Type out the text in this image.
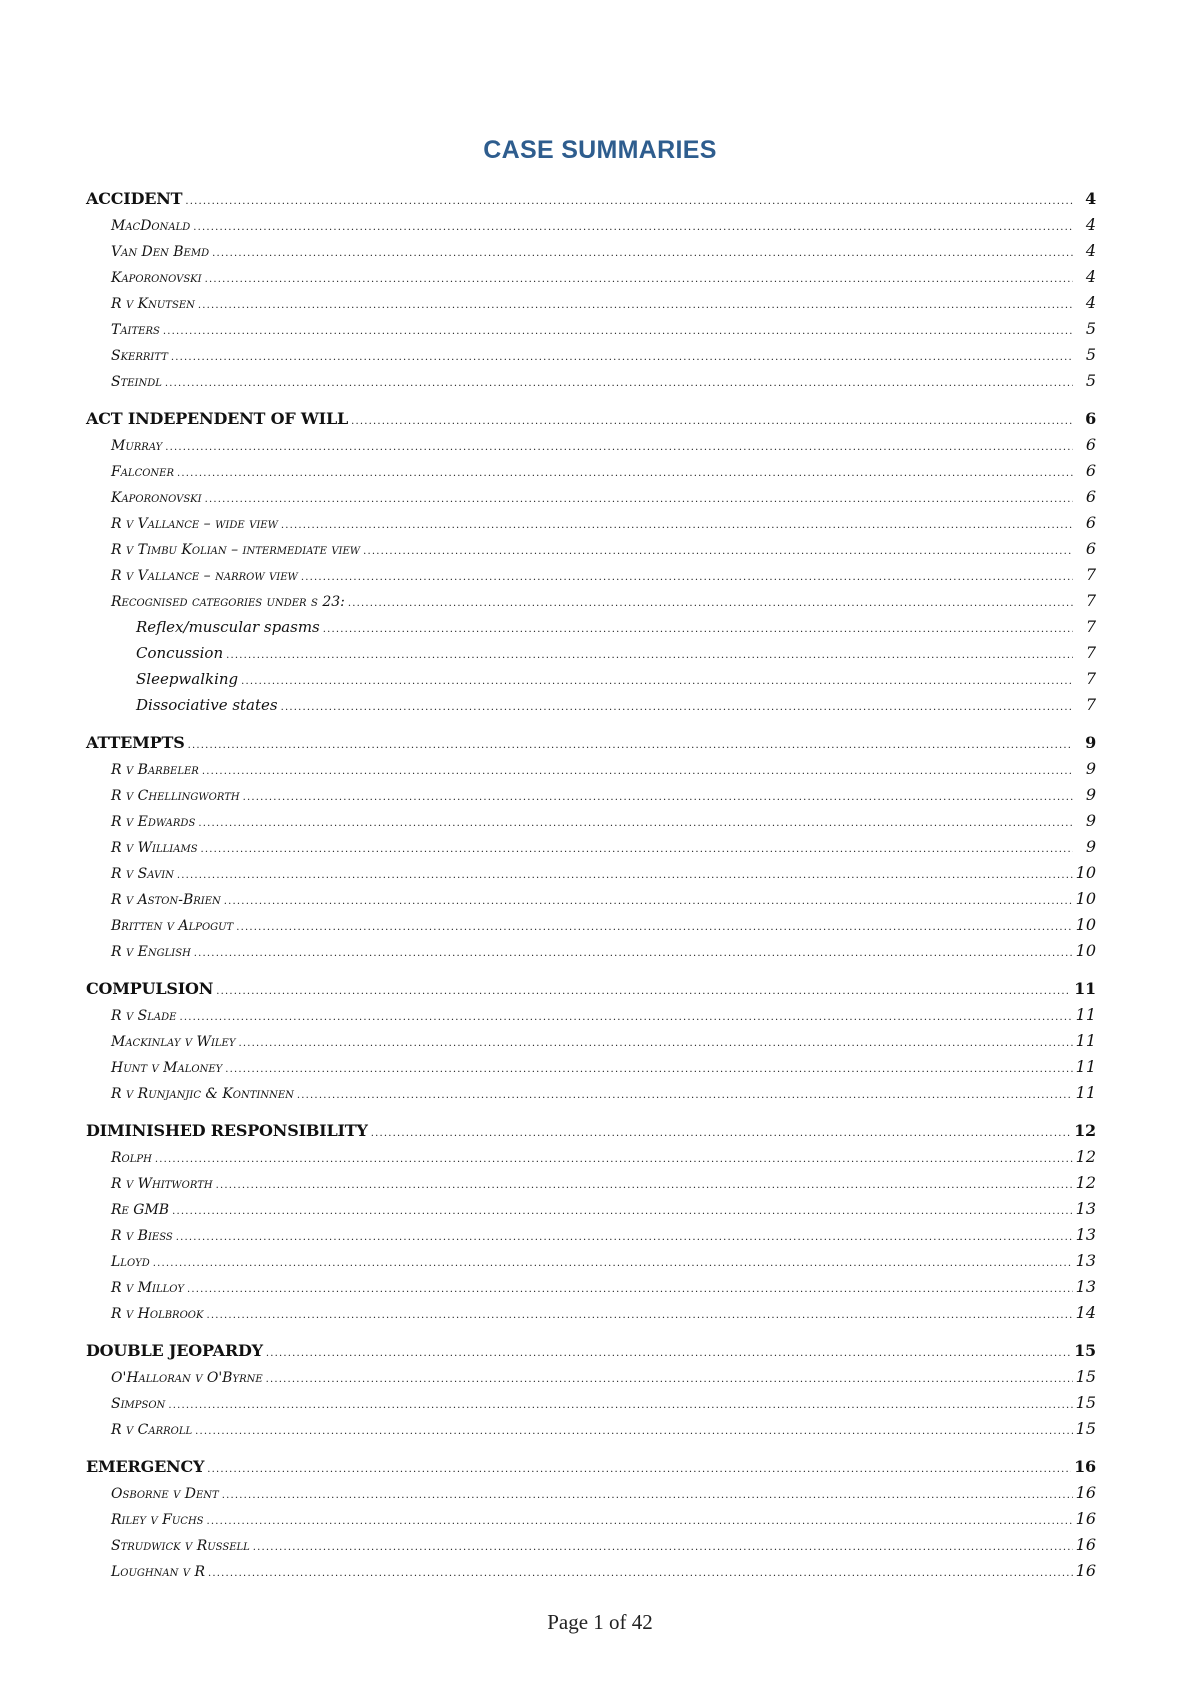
CASE SUMMARIES
ACCIDENT .....	4
MacDonald .....	4
Van Den Bemd .....	4
Kaporonovski .....	4
R v Knutsen .....	4
Taiters .....	5
Skerritt .....	5
Steindl .....	5
ACT INDEPENDENT OF WILL .....	6
Murray .....	6
Falconer .....	6
Kaporonovski .....	6
R v Vallance – wide view .....	6
R v Timbu Kolian – intermediate view .....	6
R v Vallance – narrow view .....	7
Recognised categories under s 23: .....	7
Reflex/muscular spasms .....	7
Concussion .....	7
Sleepwalking .....	7
Dissociative states .....	7
ATTEMPTS .....	9
R v Barbeler .....	9
R v Chellingworth .....	9
R v Edwards .....	9
R v Williams .....	9
R v Savin .....	10
R v Aston-Brien .....	10
Britten v Alpogut .....	10
R v English .....	10
COMPULSION .....	11
R v Slade .....	11
Mackinlay v Wiley .....	11
Hunt v Maloney .....	11
R v Runjanjic & Kontinnen .....	11
DIMINISHED RESPONSIBILITY .....	12
Rolph .....	12
R v Whitworth .....	12
Re GMB .....	13
R v Biess .....	13
Lloyd .....	13
R v Milloy .....	13
R v Holbrook .....	14
DOUBLE JEOPARDY .....	15
O'Halloran v O'Byrne .....	15
Simpson .....	15
R v Carroll .....	15
EMERGENCY .....	16
Osborne v Dent .....	16
Riley v Fuchs .....	16
Strudwick v Russell .....	16
Loughnan v R .....	16
Page 1 of 42
